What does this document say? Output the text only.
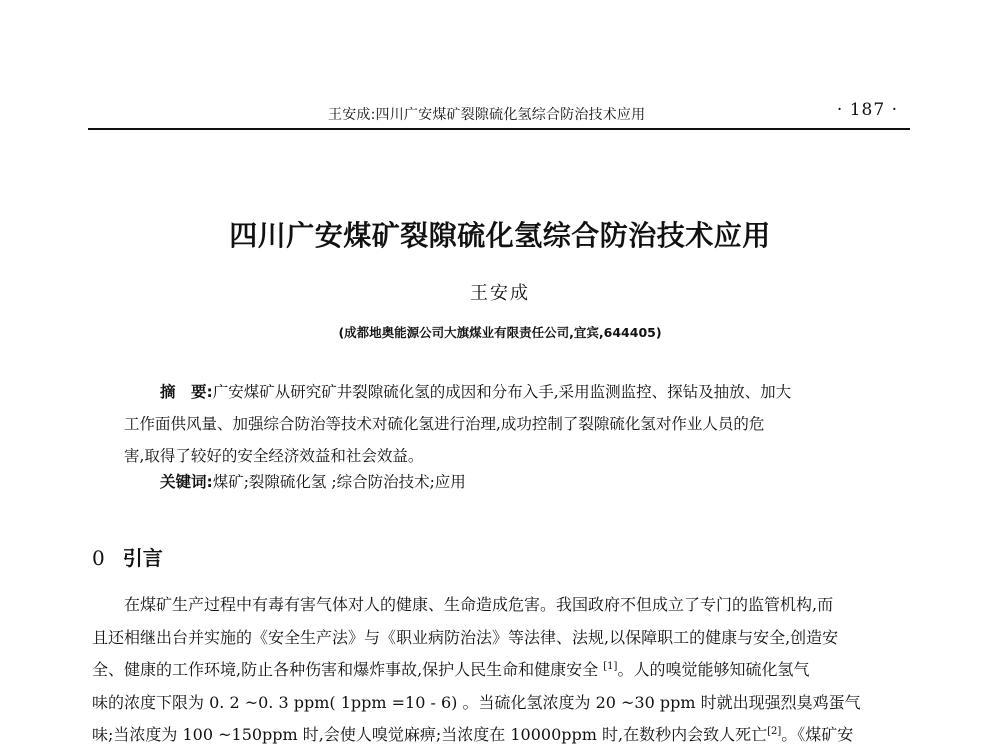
王安成:四川广安煤矿裂隙硫化氢综合防治技术应用	· 187 ·
四川广安煤矿裂隙硫化氢综合防治技术应用
王安成
(成都地奥能源公司大旗煤业有限责任公司,宜宾,644405)
摘　要:广安煤矿从研究矿井裂隙硫化氢的成因和分布入手,采用监测监控、探钻及抽放、加大
工作面供风量、加强综合防治等技术对硫化氢进行治理,成功控制了裂隙硫化氢对作业人员的危
害,取得了较好的安全经济效益和社会效益。
关键词:煤矿;裂隙硫化氢 ;综合防治技术;应用
0 引言
在煤矿生产过程中有毒有害气体对人的健康、生命造成危害。我国政府不但成立了专门的监管机构,而
且还相继出台并实施的《安全生产法》与《职业病防治法》等法律、法规,以保障职工的健康与安全,创造安
全、健康的工作环境,防止各种伤害和爆炸事故,保护人民生命和健康安全 [1]。人的嗅觉能够知硫化氢气
味的浓度下限为 0. 2 ~0. 3 ppm( 1ppm =10 - 6) 。当硫化氢浓度为 20 ~30 ppm 时就出现强烈臭鸡蛋气
味;当浓度为 100 ~150ppm 时,会使人嗅觉麻痹;当浓度在 10000ppm 时,在数秒内会致人死亡[2]。《煤矿安
